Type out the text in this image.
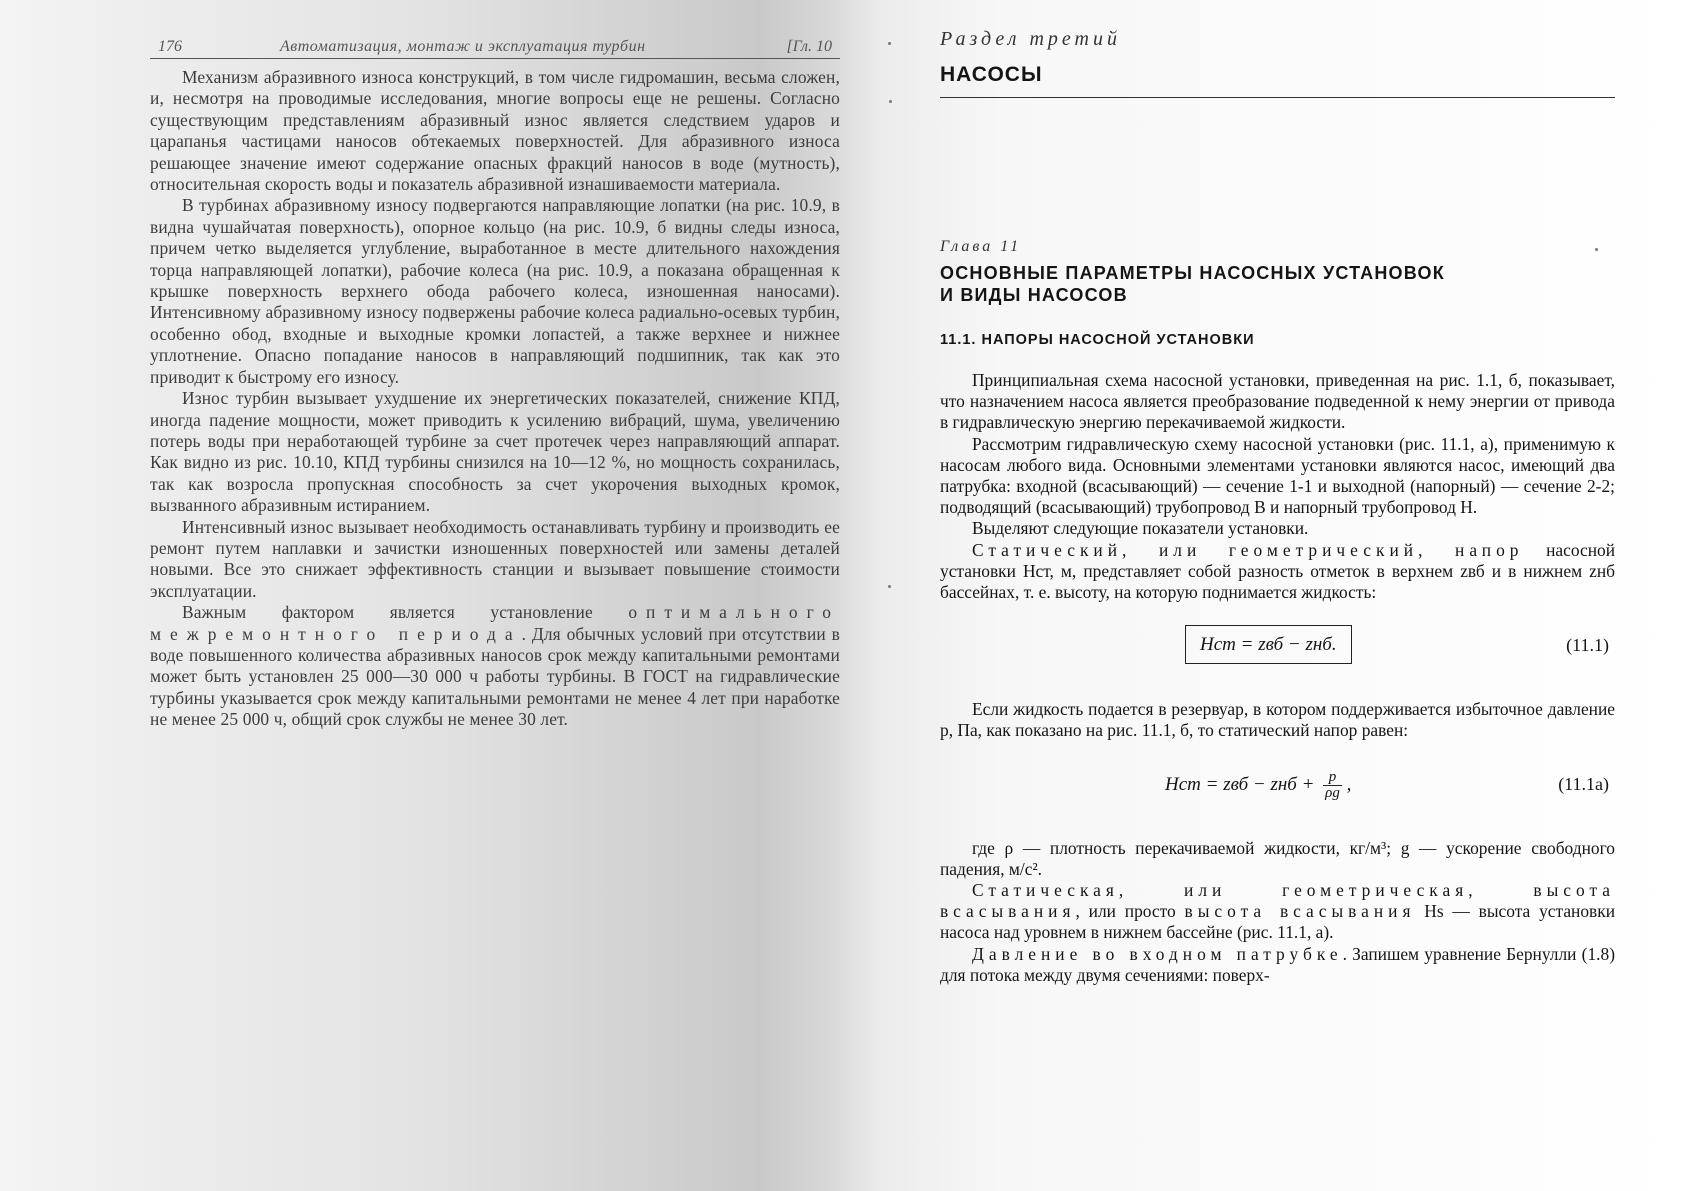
176	Автоматизация, монтаж и эксплуатация турбин	[Гл. 10

Механизм абразивного износа конструкций, в том числе гидромашин, весьма сложен, и, несмотря на проводимые исследования, многие вопросы еще не решены. Согласно существующим представлениям абразивный износ является следствием ударов и царапанья частицами наносов обтекаемых поверхностей. Для абразивного износа решающее значение имеют содержание опасных фракций наносов в воде (мутность), относительная скорость воды и показатель абразивной изнашиваемости материала.

В турбинах абразивному износу подвергаются направляющие лопатки (на рис. 10.9, в видна чушайчатая поверхность), опорное кольцо (на рис. 10.9, б видны следы износа, причем четко выделяется углубление, выработанное в месте длительного нахождения торца направляющей лопатки), рабочие колеса (на рис. 10.9, а показана обращенная к крышке поверхность верхнего обода рабочего колеса, изношенная наносами). Интенсивному абразивному износу подвержены рабочие колеса радиально-осевых турбин, особенно обод, входные и выходные кромки лопастей, а также верхнее и нижнее уплотнение. Опасно попадание наносов в направляющий подшипник, так как это приводит к быстрому его износу.

Износ турбин вызывает ухудшение их энергетических показателей, снижение КПД, иногда падение мощности, может приводить к усилению вибраций, шума, увеличению потерь воды при неработающей турбине за счет протечек через направляющий аппарат. Как видно из рис. 10.10, КПД турбины снизился на 10—12 %, но мощность сохранилась, так как возросла пропускная способность за счет укорочения выходных кромок, вызванного абразивным истиранием.

Интенсивный износ вызывает необходимость останавливать турбину и производить ее ремонт путем наплавки и зачистки изношенных поверхностей или замены деталей новыми. Все это снижает эффективность станции и вызывает повышение стоимости эксплуатации.

Важным фактором является установление оптимального межремонтного периода. Для обычных условий при отсутствии в воде повышенного количества абразивных наносов срок между капитальными ремонтами может быть установлен 25 000—30 000 ч работы турбины. В ГОСТ на гидравлические турбины указывается срок между капитальными ремонтами не менее 4 лет при наработке не менее 25 000 ч, общий срок службы не менее 30 лет.

Раздел третий
НАСОСЫ
Глава 11
ОСНОВНЫЕ ПАРАМЕТРЫ НАСОСНЫХ УСТАНОВОК
И ВИДЫ НАСОСОВ
11.1. НАПОРЫ НАСОСНОЙ УСТАНОВКИ

Принципиальная схема насосной установки, приведенная на рис. 1.1, б, показывает, что назначением насоса является преобразование подведенной к нему энергии от привода в гидравлическую энергию перекачиваемой жидкости.

Рассмотрим гидравлическую схему насосной установки (рис. 11.1, а), применимую к насосам любого вида. Основными элементами установки являются насос, имеющий два патрубка: входной (всасывающий) — сечение 1-1 и выходной (напорный) — сечение 2-2; подводящий (всасывающий) трубопровод В и напорный трубопровод Н.

Выделяют следующие показатели установки.

Статический, или геометрический, напор насосной установки Hст, м, представляет собой разность отметок в верхнем zвб и в нижнем zнб бассейнах, т. е. высоту, на которую поднимается жидкость:

Hст = zвб − zнб.	(11.1)

Если жидкость подается в резервуар, в котором поддерживается избыточное давление p, Па, как показано на рис. 11.1, б, то статический напор равен:

Hст = zвб − zнб + $\frac{p}{\rho g}$ ,	(11.1а)

где ρ — плотность перекачиваемой жидкости, кг/м³; g — ускорение свободного падения, м/с².

Статическая, или геометрическая, высота всасывания, или просто высота всасывания Hs — высота установки насоса над уровнем в нижнем бассейне (рис. 11.1, а).

Давление во входном патрубке. Запишем уравнение Бернулли (1.8) для потока между двумя сечениями: поверх-
